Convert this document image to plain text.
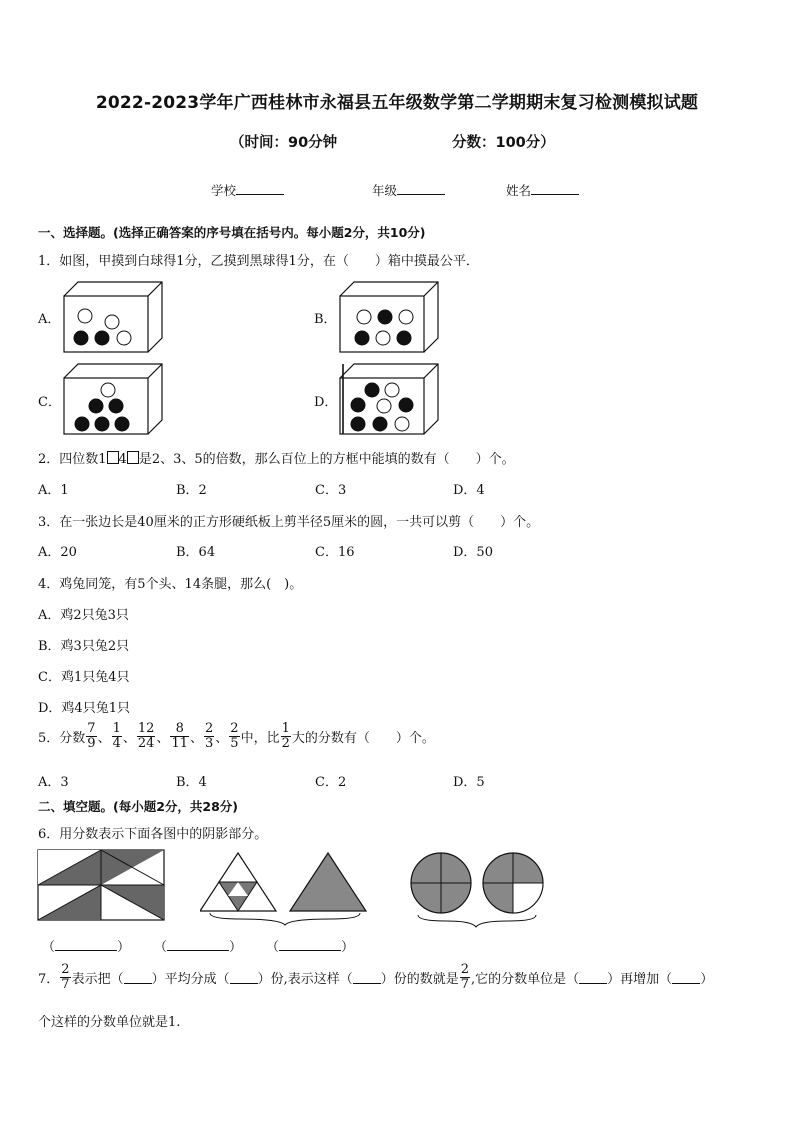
2022-2023学年广西桂林市永福县五年级数学第二学期期末复习检测模拟试题
（时间：90分钟	分数：100分）
学校	年级	姓名
一、选择题。(选择正确答案的序号填在括号内。每小题2分，共10分)
1．如图，甲摸到白球得1分，乙摸到黑球得1分，在（　　）箱中摸最公平．
A．	B．
C．	D．
2．四位数1 4 是2、3、5的倍数，那么百位上的方框中能填的数有（　　）个。
A．1	B．2	C．3	D．4
3．在一张边长是40厘米的正方形硬纸板上剪半径5厘米的圆，一共可以剪（　　）个。
A．20	B．64	C．16	D．50
4．鸡兔同笼，有5个头、14条腿，那么(　)。
A．鸡2只兔3只
B．鸡3只兔2只
C．鸡1只兔4只
D．鸡4只兔1只
5．分数 $\frac{7}{9}$ 、 $\frac{1}{4}$ 、 $\frac{12}{24}$ 、 $\frac{8}{11}$ 、 $\frac{2}{3}$ 、 $\frac{2}{5}$ 中，比 $\frac{1}{2}$ 大的分数有（　　）个。
A．3	B．4	C．2	D．5
二、填空题。(每小题2分，共28分)
6．用分数表示下面各图中的阴影部分。
（	） （	） （	）
7． $\frac{2}{7}$ 表示把（ ）平均分成（ ）份,表示这样（ ）份的数就是 $\frac{2}{7}$ ,它的分数单位是（ ）再增加（ ）
个这样的分数单位就是1.
